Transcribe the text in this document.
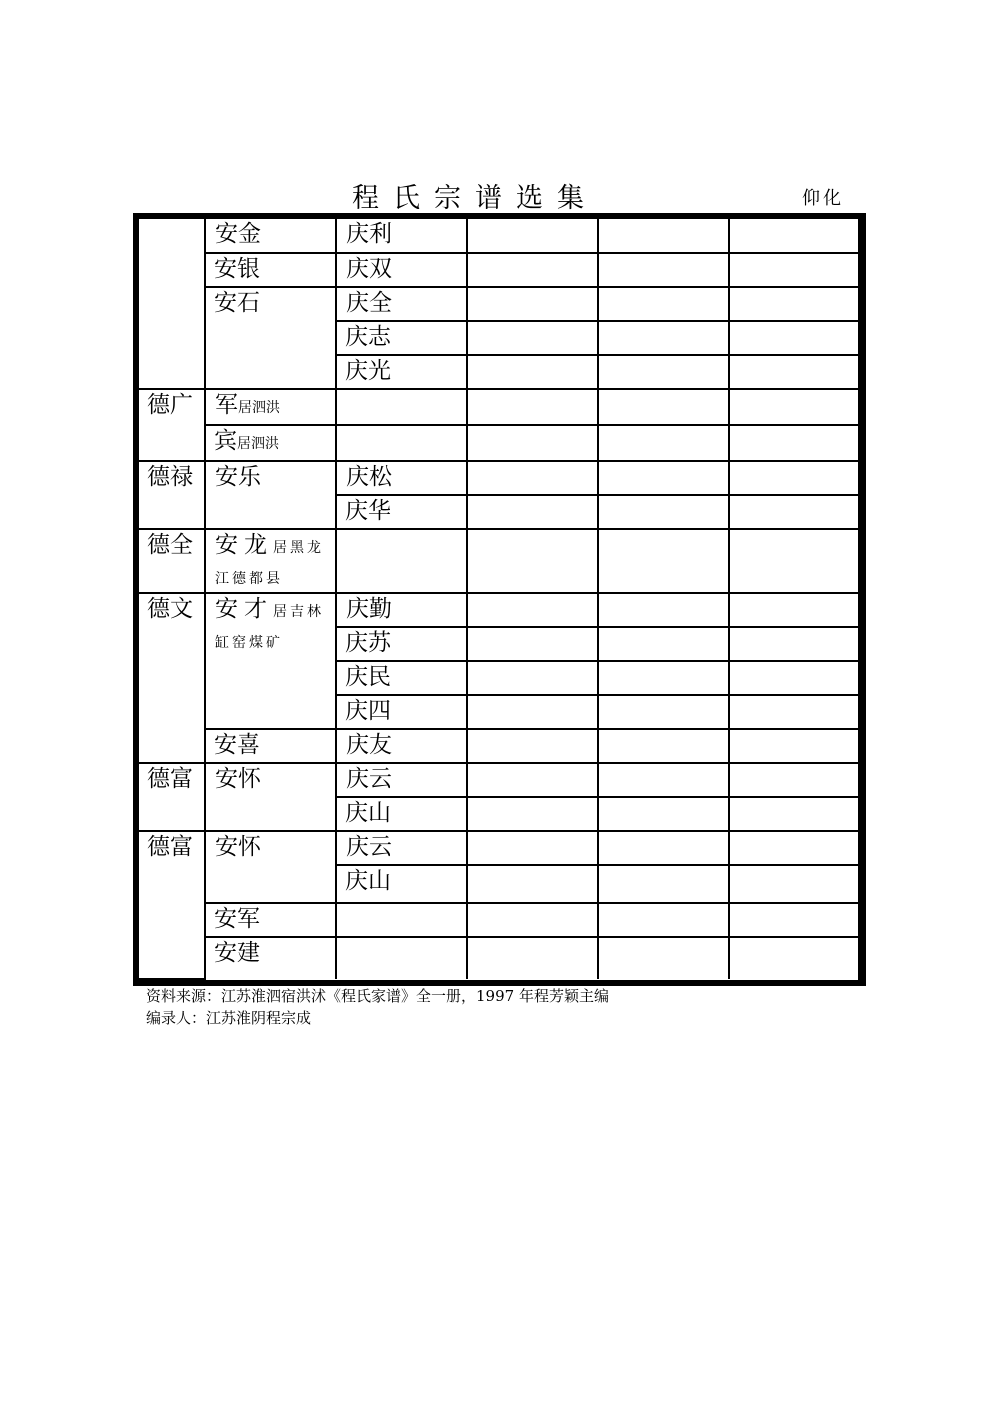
程氏宗谱选集	仰化
	安金	庆利			
	安银	庆双			
	安石	庆全			
		庆志			
		庆光			
德广	军居泗洪				
	宾居泗洪				
德禄	安乐	庆松			
		庆华			
德全	安龙居黑龙江德都县				
德文	安才居吉林缸窑煤矿	庆勤			
		庆苏			
		庆民			
		庆四			
	安喜	庆友			
德富	安怀	庆云			
		庆山			
德富	安怀	庆云			
		庆山			
	安军				
	安建				
资料来源：江苏淮泗宿洪沭《程氏家谱》全一册，1997 年程芳颖主编
编录人：江苏淮阴程宗成
